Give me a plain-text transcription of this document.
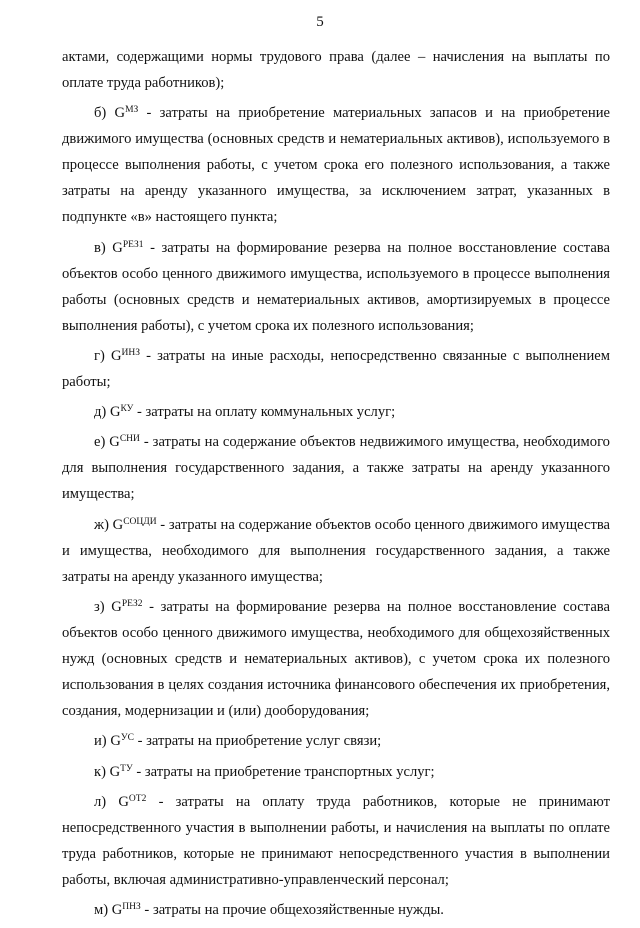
5

актами, содержащими нормы трудового права (далее – начисления на выплаты по оплате труда работников);

б) $G^{МЗ}$ - затраты на приобретение материальных запасов и на приобретение движимого имущества (основных средств и нематериальных активов), используемого в процессе выполнения работы, с учетом срока его полезного использования, а также затраты на аренду указанного имущества, за исключением затрат, указанных в подпункте «в» настоящего пункта;

в) $G^{РЕЗ1}$ - затраты на формирование резерва на полное восстановление состава объектов особо ценного движимого имущества, используемого в процессе выполнения работы (основных средств и нематериальных активов, амортизируемых в процессе выполнения работы), с учетом срока их полезного использования;

г) $G^{ИНЗ}$ - затраты на иные расходы, непосредственно связанные с выполнением работы;

д) $G^{КУ}$ - затраты на оплату коммунальных услуг;

е) $G^{СНИ}$ - затраты на содержание объектов недвижимого имущества, необходимого для выполнения государственного задания, а также затраты на аренду указанного имущества;

ж) $G^{СОЦДИ}$ - затраты на содержание объектов особо ценного движимого имущества и имущества, необходимого для выполнения государственного задания, а также затраты на аренду указанного имущества;

з) $G^{РЕЗ2}$ - затраты на формирование резерва на полное восстановление состава объектов особо ценного движимого имущества, необходимого для общехозяйственных нужд (основных средств и нематериальных активов), с учетом срока их полезного использования в целях создания источника финансового обеспечения их приобретения, создания, модернизации и (или) дооборудования;

и) $G^{УС}$ - затраты на приобретение услуг связи;

к) $G^{ТУ}$ - затраты на приобретение транспортных услуг;

л) $G^{ОТ2}$ - затраты на оплату труда работников, которые не принимают непосредственного участия в выполнении работы, и начисления на выплаты по оплате труда работников, которые не принимают непосредственного участия в выполнении работы, включая административно-управленческий персонал;

м) $G^{ПНЗ}$ - затраты на прочие общехозяйственные нужды.
